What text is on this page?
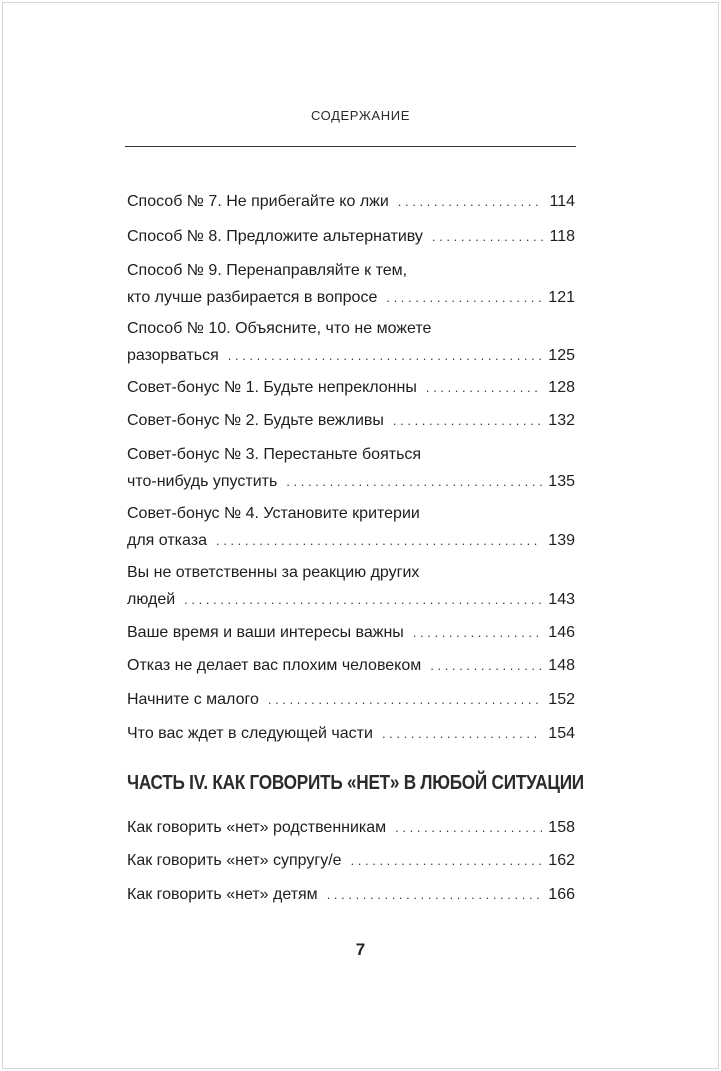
СОДЕРЖАНИЕ
Способ № 7. Не прибегайте ко лжи . . .	114
Способ № 8. Предложите альтернативу . . .	118
Способ № 9. Перенаправляйте к тем,
кто лучше разбирается в вопросе . . .	121
Способ № 10. Объясните, что не можете
разорваться . . .	125
Совет-бонус № 1. Будьте непреклонны . . .	128
Совет-бонус № 2. Будьте вежливы . . .	132
Совет-бонус № 3. Перестаньте бояться
что-нибудь упустить . . .	135
Совет-бонус № 4. Установите критерии
для отказа . . .	139
Вы не ответственны за реакцию других
людей . . .	143
Ваше время и ваши интересы важны . . .	146
Отказ не делает вас плохим человеком . . .	148
Начните с малого . . .	152
Что вас ждет в следующей части . . .	154
ЧАСТЬ IV. КАК ГОВОРИТЬ «НЕТ» В ЛЮБОЙ СИТУАЦИИ
Как говорить «нет» родственникам . . .	158
Как говорить «нет» супругу/е . . .	162
Как говорить «нет» детям . . .	166
7
